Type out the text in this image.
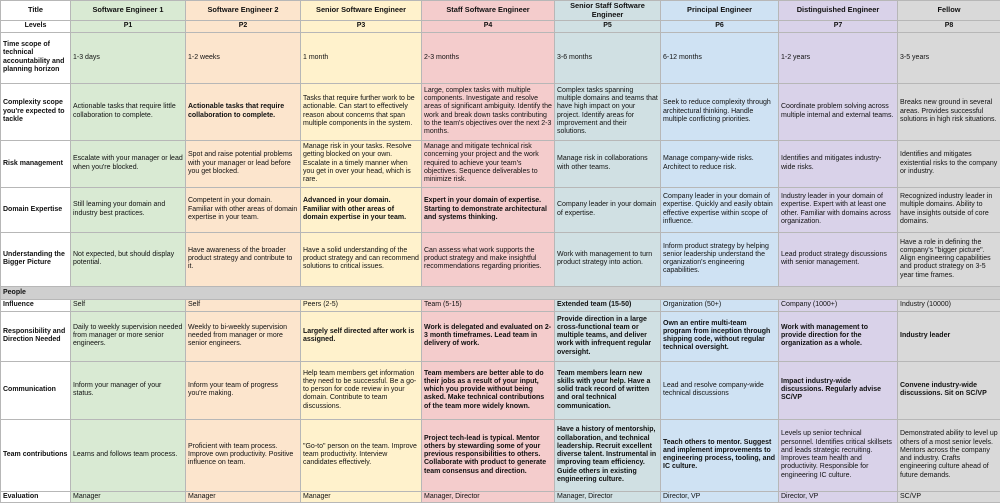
Title	Software Engineer 1	Software Engineer 2	Senior Software Engineer	Staff Software Engineer	Senior Staff Software Engineer	Principal Engineer	Distinguished Engineer	Fellow
Levels	P1	P2	P3	P4	P5	P6	P7	P8
Time scope of technical accountability and planning horizon	1-3 days	1-2 weeks	1 month	2-3 months	3-6 months	6-12 months	1-2 years	3-5 years
Complexity scope you're expected to tackle	Actionable tasks that require little collaboration to complete.	Actionable tasks that require collaboration to complete.	Tasks that require further work to be actionable. Can start to effectively reason about concerns that span multiple components in the system.	Large, complex tasks with multiple components. Investigate and resolve areas of significant ambiguity. Identify the work and break down tasks contributing to the team's objectives over the next 2-3 months.	Complex tasks spanning multiple domains and teams that have high impact on your project. Identify areas for improvement and their solutions.	Seek to reduce complexity through architectural thinking. Handle multiple conflicting priorities.	Coordinate problem solving across multiple internal and external teams.	Breaks new ground in several areas. Provides successful solutions in high risk situations.
Risk management	Escalate with your manager or lead when you're blocked.	Spot and raise potential problems with your manager or lead before you get blocked.	Manage risk in your tasks. Resolve getting blocked on your own. Escalate in a timely manner when you get in over your head, which is rare.	Manage and mitigate technical risk concerning your project and the work required to achieve your team's objectives. Sequence deliverables to minimize risk.	Manage risk in collaborations with other teams.	Manage company-wide risks. Architect to reduce risk.	Identifies and mitigates industry-wide risks.	Identifies and mitigates existential risks to the company or industry.
Domain Expertise	Still learning your domain and industry best practices.	Competent in your domain. Familiar with other areas of domain expertise in your team.	Advanced in your domain. Familiar with other areas of domain expertise in your team.	Expert in your domain of expertise. Starting to demonstrate architectural and systems thinking.	Company leader in your domain of expertise.	Company leader in your domain of expertise. Quickly and easily obtain effective expertise within scope of influence.	Industry leader in your domain of expertise. Expert with at least one other. Familiar with domains across organization.	Recognized industry leader in multiple domains. Ability to have insights outside of core domains.
Understanding the Bigger Picture	Not expected, but should display potential.	Have awareness of the broader product strategy and contribute to it.	Have a solid understanding of the product strategy and can recommend solutions to critical issues.	Can assess what work supports the product strategy and make insightful recommendations regarding priorities.	Work with management to turn product strategy into action.	Inform product strategy by helping senior leadership understand the organization's engineering capabilities.	Lead product strategy discussions with senior management.	Have a role in defining the company's "bigger picture". Align engineering capabilities and product strategy on 3-5 year time frames.
People								
Influence	Self	Self	Peers (2-5)	Team (5-15)	Extended team (15-50)	Organization (50+)	Company (1000+)	Industry (10000)
Responsibility and Direction Needed	Daily to weekly supervision needed from manager or more senior engineers.	Weekly to bi-weekly supervision needed from manager or more senior engineers.	Largely self directed after work is assigned.	Work is delegated and evaluated on 2-3 month timeframes. Lead team in delivery of work.	Provide direction in a large cross-functional team or multiple teams, and deliver work with infrequent regular oversight.	Own an entire multi-team program from inception through shipping code, without regular technical oversight.	Work with management to provide direction for the organization as a whole.	Industry leader
Communication	Inform your manager of your status.	Inform your team of progress you're making.	Help team members get information they need to be successful. Be a go-to person for code review in your domain. Contribute to team discussions.	Team members are better able to do their jobs as a result of your input, which you provide without being asked. Make technical contributions of the team more widely known.	Team members learn new skills with your help. Have a solid track record of written and oral technical communication.	Lead and resolve company-wide technical discussions	Impact industry-wide discussions. Regularly advise SC/VP	Convene industry-wide discussions. Sit on SC/VP
Team contributions	Learns and follows team process.	Proficient with team process. Improve own productivity. Positive influence on team.	"Go-to" person on the team. Improve team productivity. Interview candidates effectively.	Project tech-lead is typical. Mentor others by stewarding some of your previous responsibilities to others. Collaborate with product to generate team consensus and direction.	Have a history of mentorship, collaboration, and technical leadership. Recruit excellent diverse talent. Instrumental in improving team efficiency. Guide others in existing engineering culture.	Teach others to mentor. Suggest and implement improvements to engineering process, tooling, and IC culture.	Levels up senior technical personnel. Identifies critical skillsets and leads strategic recruiting. Improves team health and productivity. Responsible for engineering IC culture.	Demonstrated ability to level up others of a most senior levels. Mentors across the company and industry. Crafts engineering culture ahead of future demands.
Evaluation	Manager	Manager	Manager	Manager, Director	Manager, Director	Director, VP	Director, VP	SC/VP
